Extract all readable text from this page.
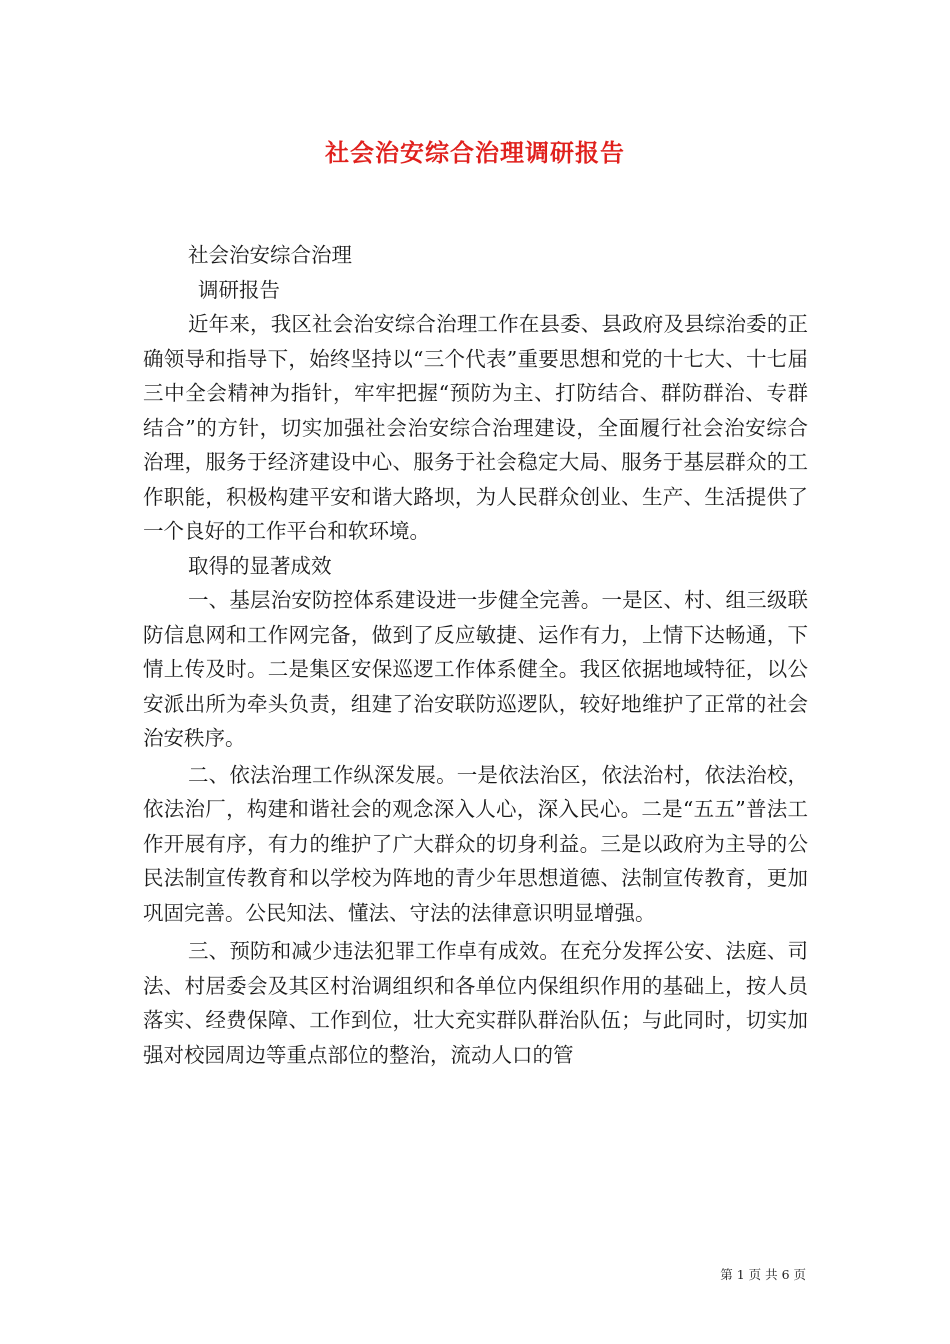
社会治安综合治理调研报告

社会治安综合治理

调研报告

近年来，我区社会治安综合治理工作在县委、县政府及县综治委的正确领导和指导下，始终坚持以“三个代表”重要思想和党的十七大、十七届三中全会精神为指针，牢牢把握“预防为主、打防结合、群防群治、专群结合”的方针，切实加强社会治安综合治理建设，全面履行社会治安综合治理，服务于经济建设中心、服务于社会稳定大局、服务于基层群众的工作职能，积极构建平安和谐大路坝，为人民群众创业、生产、生活提供了一个良好的工作平台和软环境。

取得的显著成效

一、基层治安防控体系建设进一步健全完善。一是区、村、组三级联防信息网和工作网完备，做到了反应敏捷、运作有力，上情下达畅通，下情上传及时。二是集区安保巡逻工作体系健全。我区依据地域特征，以公安派出所为牵头负责，组建了治安联防巡逻队，较好地维护了正常的社会治安秩序。

二、依法治理工作纵深发展。一是依法治区，依法治村，依法治校，依法治厂，构建和谐社会的观念深入人心，深入民心。二是“五五”普法工作开展有序，有力的维护了广大群众的切身利益。三是以政府为主导的公民法制宣传教育和以学校为阵地的青少年思想道德、法制宣传教育，更加巩固完善。公民知法、懂法、守法的法律意识明显增强。

三、预防和减少违法犯罪工作卓有成效。在充分发挥公安、法庭、司法、村居委会及其区村治调组织和各单位内保组织作用的基础上，按人员落实、经费保障、工作到位，壮大充实群队群治队伍；与此同时，切实加强对校园周边等重点部位的整治，流动人口的管

第 1 页 共 6 页
